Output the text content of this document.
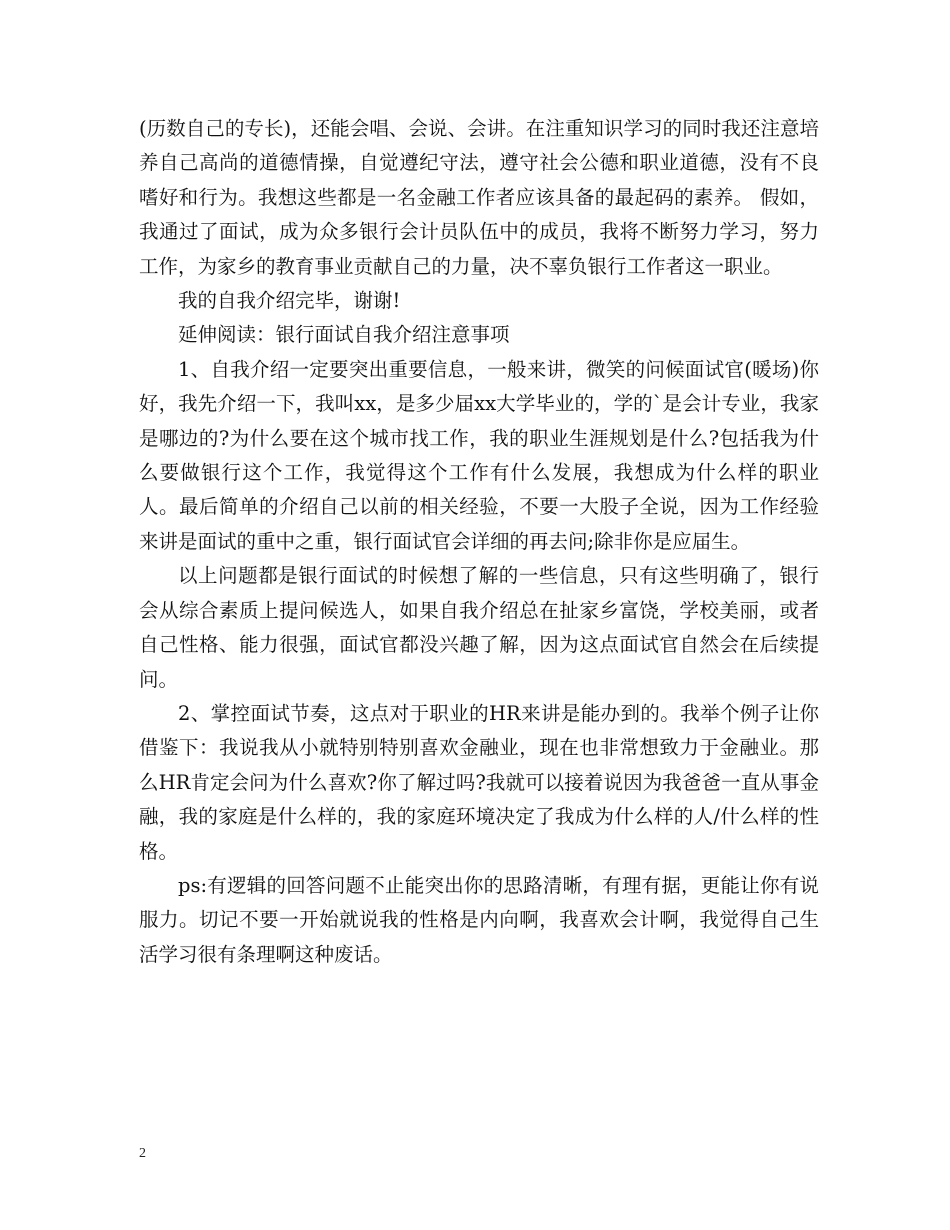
(历数自己的专长)，还能会唱、会说、会讲。在注重知识学习的同时我还注意培养自己高尚的道德情操，自觉遵纪守法，遵守社会公德和职业道德，没有不良嗜好和行为。我想这些都是一名金融工作者应该具备的最起码的素养。 假如，我通过了面试，成为众多银行会计员队伍中的成员，我将不断努力学习，努力工作，为家乡的教育事业贡献自己的力量，决不辜负银行工作者这一职业。

我的自我介绍完毕，谢谢!

延伸阅读：银行面试自我介绍注意事项

1、自我介绍一定要突出重要信息，一般来讲，微笑的问候面试官(暖场)你好，我先介绍一下，我叫xx，是多少届xx大学毕业的，学的`是会计专业，我家是哪边的?为什么要在这个城市找工作，我的职业生涯规划是什么?包括我为什么要做银行这个工作，我觉得这个工作有什么发展，我想成为什么样的职业人。最后简单的介绍自己以前的相关经验，不要一大股子全说，因为工作经验来讲是面试的重中之重，银行面试官会详细的再去问;除非你是应届生。

以上问题都是银行面试的时候想了解的一些信息，只有这些明确了，银行会从综合素质上提问候选人，如果自我介绍总在扯家乡富饶，学校美丽，或者自己性格、能力很强，面试官都没兴趣了解，因为这点面试官自然会在后续提问。

2、掌控面试节奏，这点对于职业的HR来讲是能办到的。我举个例子让你借鉴下：我说我从小就特别特别喜欢金融业，现在也非常想致力于金融业。那么HR肯定会问为什么喜欢?你了解过吗?我就可以接着说因为我爸爸一直从事金融，我的家庭是什么样的，我的家庭环境决定了我成为什么样的人/什么样的性格。

ps:有逻辑的回答问题不止能突出你的思路清晰，有理有据，更能让你有说服力。切记不要一开始就说我的性格是内向啊，我喜欢会计啊，我觉得自己生活学习很有条理啊这种废话。

2
